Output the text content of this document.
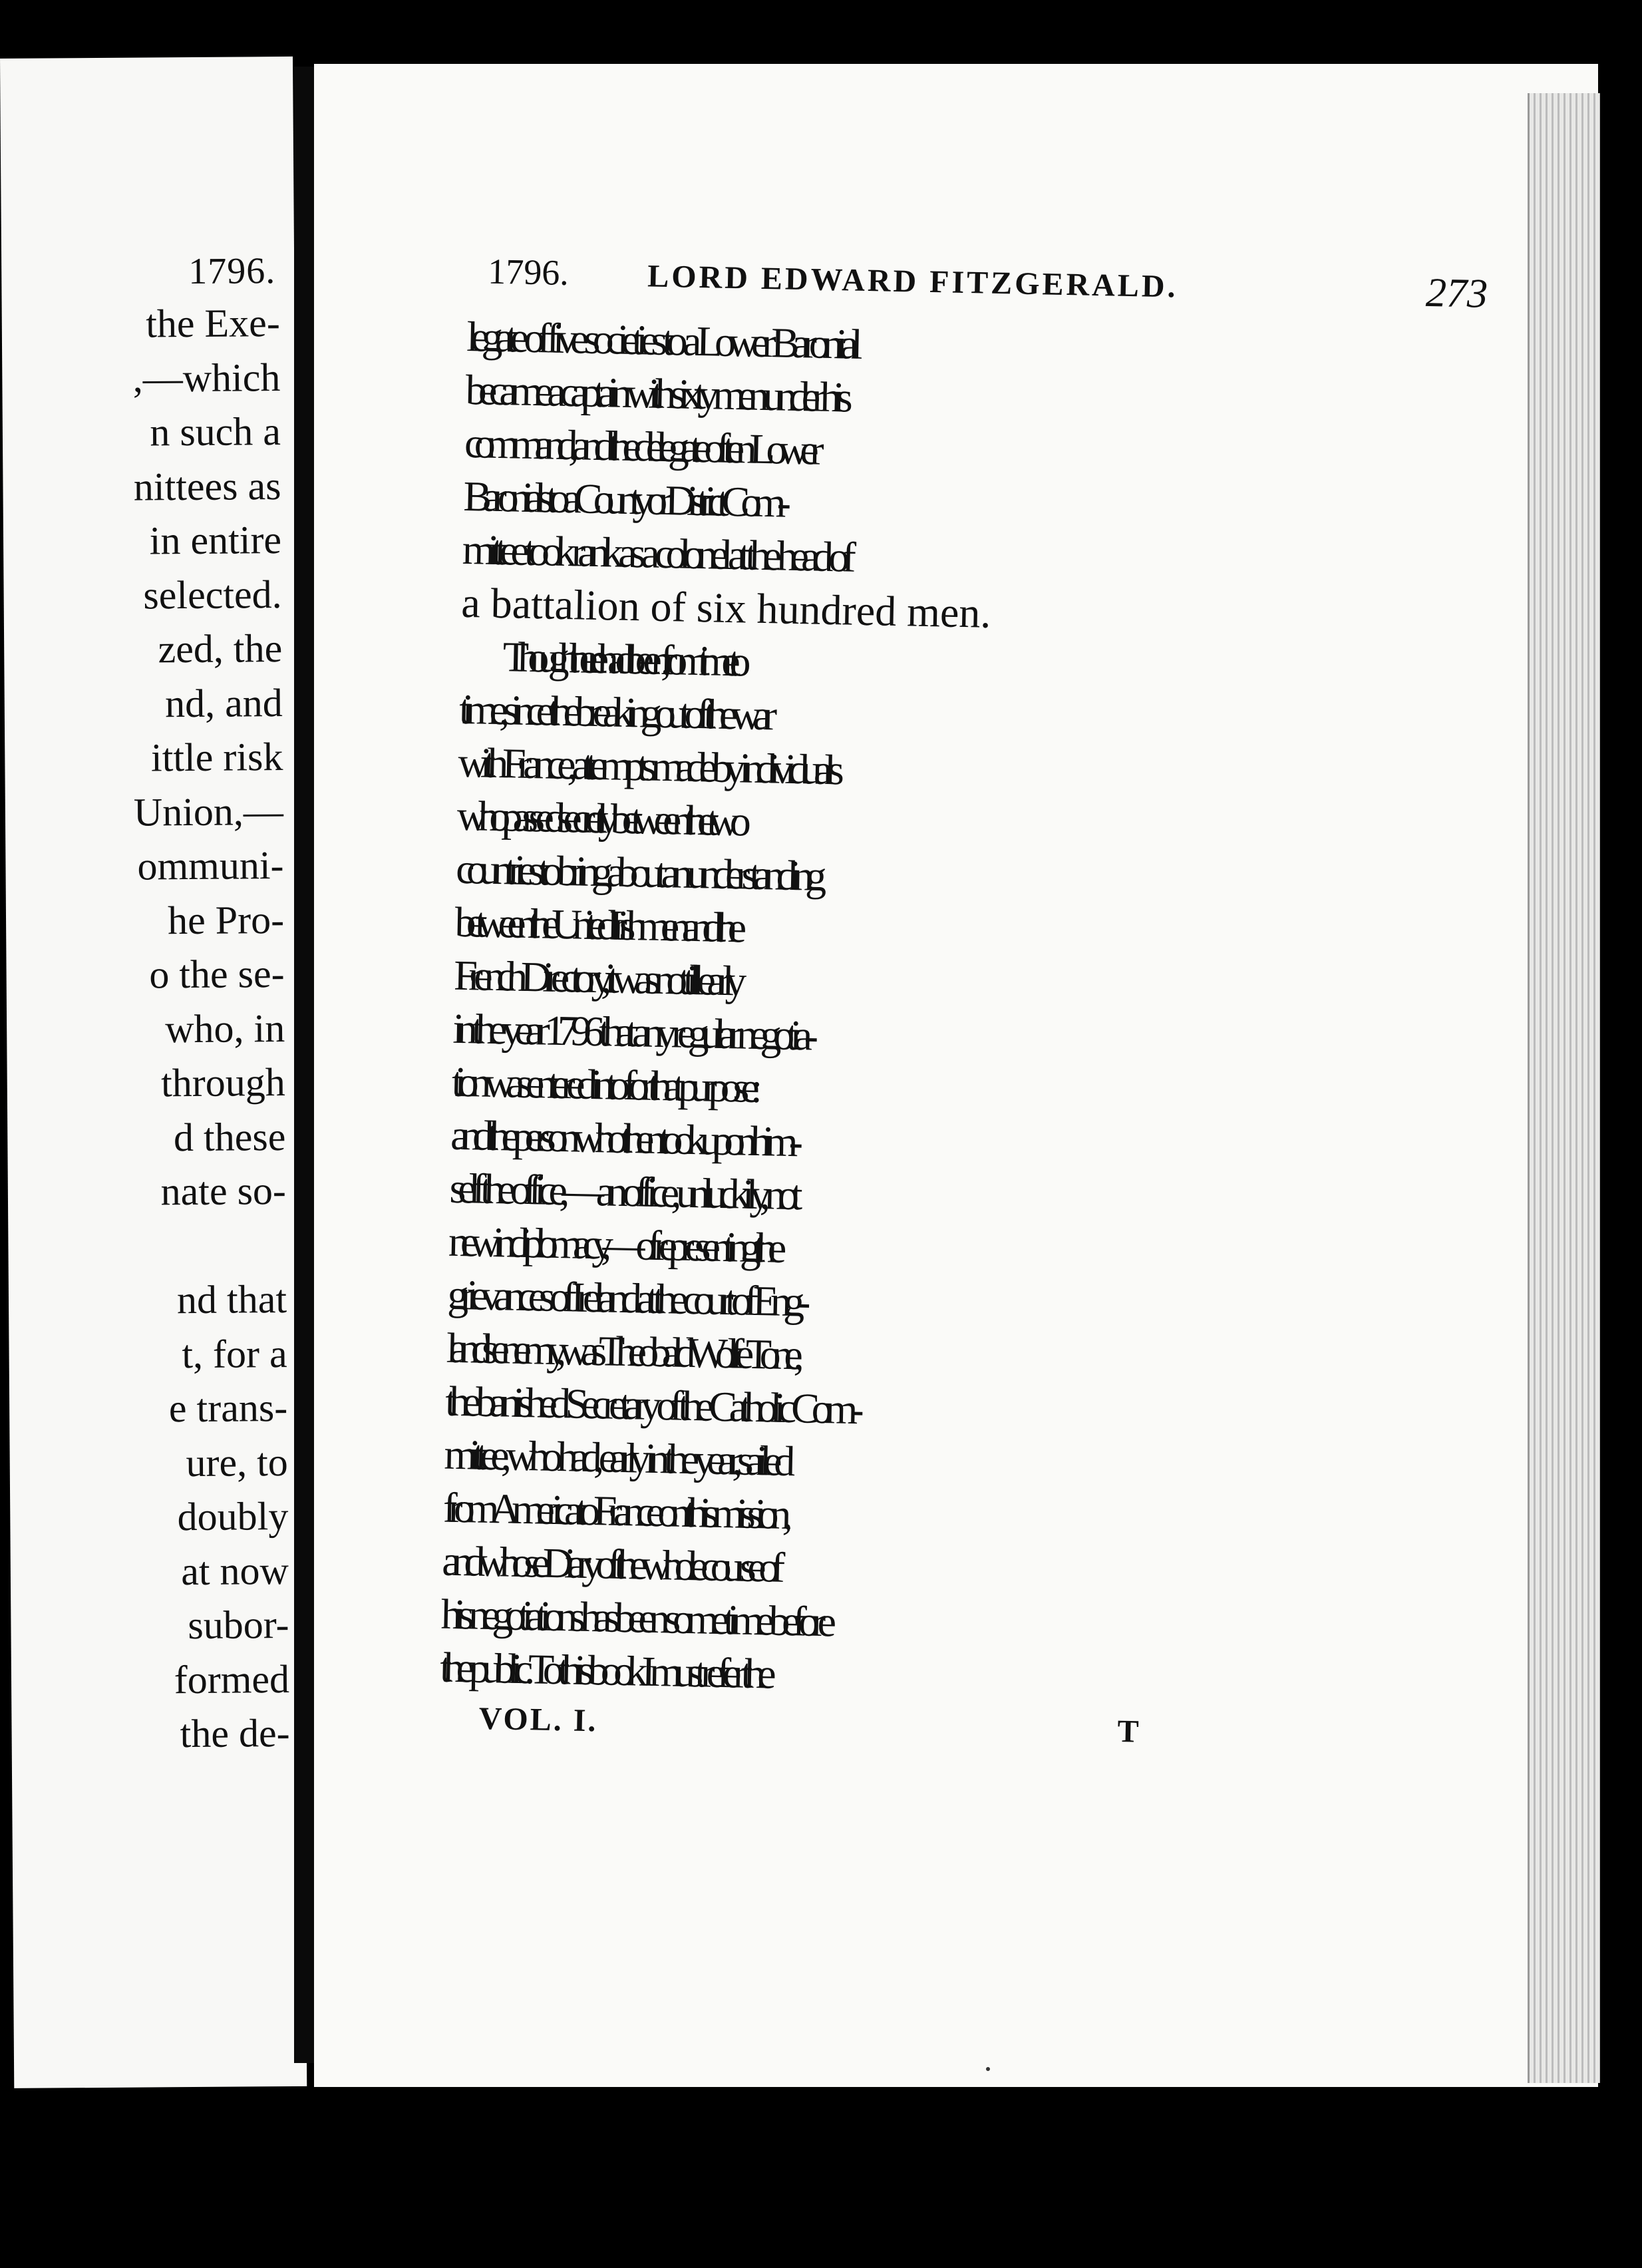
1796.
the Exe-
,—which
n such a
nittees as
in entire
selected.
zed, the
nd, and
ittle risk
Union,—
ommuni-
he Pro-
o the se-
who, in
through
d these
nate so-
nd that
t, for a
e trans-
ure, to
doubly
at now
subor-
formed
the de-
1796. LORD EDWARD FITZGERALD.	273
legate of five societies to a Lower Baronial
became a captain with sixty men under his
command, and the delegate of ten Lower
Baronials to a County or District Com-
mittee took rank as a colonel at the head of
a battalion of six hundred men.
Though there had been, from time to
time, since the breaking out of the war
with France, attempts made by individuals
who passed secretly between the two
countries to bring about an understanding
between the United Irishmen and the
French Directory, it was not till early
in the year 1796 that any regular negotia-
tion was entered into for that purpose:
and the person who then took upon him-
self the office,—an office, unluckily, not
new in diplomacy,—of representing the
grievances of Ireland at the court of Eng-
land's enemy, was Theobald Wolfe Tone,
the banished Secretary of the Catholic Com-
mittee, who had, early in the year, sailed
from America to France on this mission,
and whose Diary of the whole course of
his negotiations has been some time before
the public. To this book I must refer the
VOL. I.	T
